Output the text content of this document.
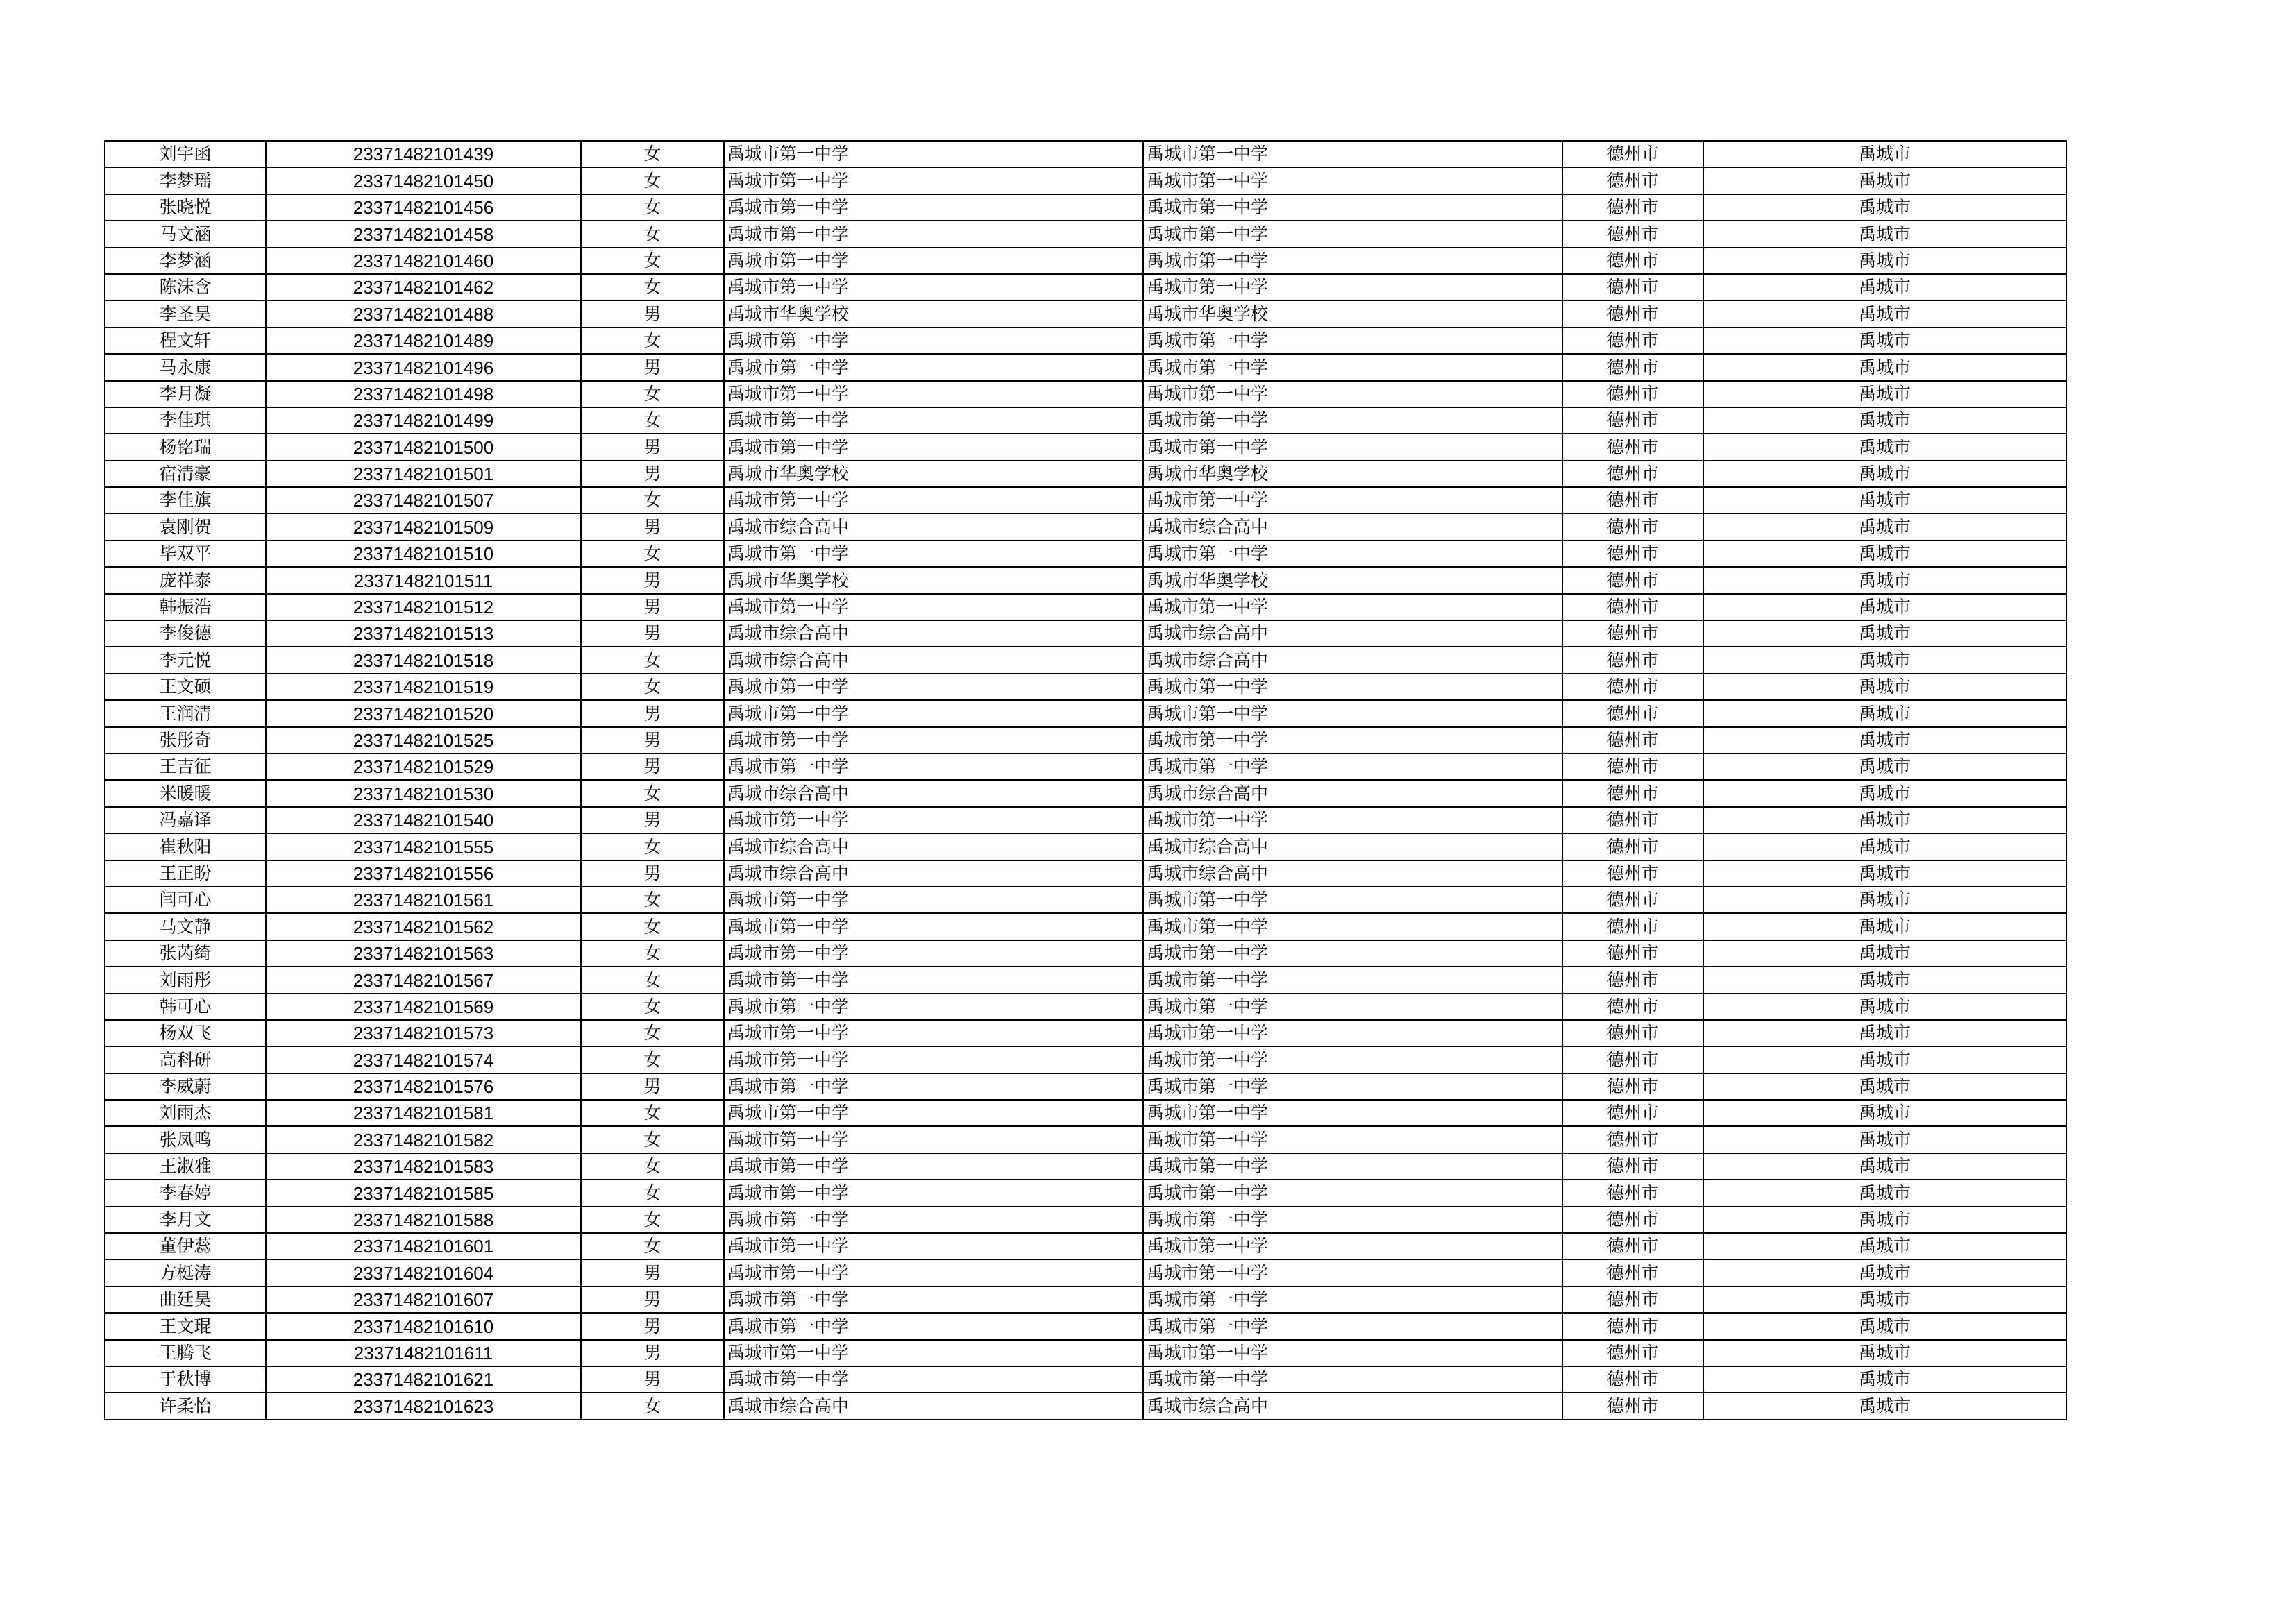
刘宇函	23371482101439	女	禹城市第一中学	禹城市第一中学	德州市	禹城市
李梦瑶	23371482101450	女	禹城市第一中学	禹城市第一中学	德州市	禹城市
张晓悦	23371482101456	女	禹城市第一中学	禹城市第一中学	德州市	禹城市
马文涵	23371482101458	女	禹城市第一中学	禹城市第一中学	德州市	禹城市
李梦涵	23371482101460	女	禹城市第一中学	禹城市第一中学	德州市	禹城市
陈沫含	23371482101462	女	禹城市第一中学	禹城市第一中学	德州市	禹城市
李圣昊	23371482101488	男	禹城市华奥学校	禹城市华奥学校	德州市	禹城市
程文轩	23371482101489	女	禹城市第一中学	禹城市第一中学	德州市	禹城市
马永康	23371482101496	男	禹城市第一中学	禹城市第一中学	德州市	禹城市
李月凝	23371482101498	女	禹城市第一中学	禹城市第一中学	德州市	禹城市
李佳琪	23371482101499	女	禹城市第一中学	禹城市第一中学	德州市	禹城市
杨铭瑞	23371482101500	男	禹城市第一中学	禹城市第一中学	德州市	禹城市
宿清豪	23371482101501	男	禹城市华奥学校	禹城市华奥学校	德州市	禹城市
李佳旗	23371482101507	女	禹城市第一中学	禹城市第一中学	德州市	禹城市
袁刚贺	23371482101509	男	禹城市综合高中	禹城市综合高中	德州市	禹城市
毕双平	23371482101510	女	禹城市第一中学	禹城市第一中学	德州市	禹城市
庞祥泰	23371482101511	男	禹城市华奥学校	禹城市华奥学校	德州市	禹城市
韩振浩	23371482101512	男	禹城市第一中学	禹城市第一中学	德州市	禹城市
李俊德	23371482101513	男	禹城市综合高中	禹城市综合高中	德州市	禹城市
李元悦	23371482101518	女	禹城市综合高中	禹城市综合高中	德州市	禹城市
王文硕	23371482101519	女	禹城市第一中学	禹城市第一中学	德州市	禹城市
王润清	23371482101520	男	禹城市第一中学	禹城市第一中学	德州市	禹城市
张彤奇	23371482101525	男	禹城市第一中学	禹城市第一中学	德州市	禹城市
王吉征	23371482101529	男	禹城市第一中学	禹城市第一中学	德州市	禹城市
米暖暖	23371482101530	女	禹城市综合高中	禹城市综合高中	德州市	禹城市
冯嘉译	23371482101540	男	禹城市第一中学	禹城市第一中学	德州市	禹城市
崔秋阳	23371482101555	女	禹城市综合高中	禹城市综合高中	德州市	禹城市
王正盼	23371482101556	男	禹城市综合高中	禹城市综合高中	德州市	禹城市
闫可心	23371482101561	女	禹城市第一中学	禹城市第一中学	德州市	禹城市
马文静	23371482101562	女	禹城市第一中学	禹城市第一中学	德州市	禹城市
张芮绮	23371482101563	女	禹城市第一中学	禹城市第一中学	德州市	禹城市
刘雨彤	23371482101567	女	禹城市第一中学	禹城市第一中学	德州市	禹城市
韩可心	23371482101569	女	禹城市第一中学	禹城市第一中学	德州市	禹城市
杨双飞	23371482101573	女	禹城市第一中学	禹城市第一中学	德州市	禹城市
高科研	23371482101574	女	禹城市第一中学	禹城市第一中学	德州市	禹城市
李威蔚	23371482101576	男	禹城市第一中学	禹城市第一中学	德州市	禹城市
刘雨杰	23371482101581	女	禹城市第一中学	禹城市第一中学	德州市	禹城市
张凤鸣	23371482101582	女	禹城市第一中学	禹城市第一中学	德州市	禹城市
王淑雅	23371482101583	女	禹城市第一中学	禹城市第一中学	德州市	禹城市
李春婷	23371482101585	女	禹城市第一中学	禹城市第一中学	德州市	禹城市
李月文	23371482101588	女	禹城市第一中学	禹城市第一中学	德州市	禹城市
董伊蕊	23371482101601	女	禹城市第一中学	禹城市第一中学	德州市	禹城市
方梃涛	23371482101604	男	禹城市第一中学	禹城市第一中学	德州市	禹城市
曲廷昊	23371482101607	男	禹城市第一中学	禹城市第一中学	德州市	禹城市
王文琨	23371482101610	男	禹城市第一中学	禹城市第一中学	德州市	禹城市
王腾飞	23371482101611	男	禹城市第一中学	禹城市第一中学	德州市	禹城市
于秋博	23371482101621	男	禹城市第一中学	禹城市第一中学	德州市	禹城市
许柔怡	23371482101623	女	禹城市综合高中	禹城市综合高中	德州市	禹城市
